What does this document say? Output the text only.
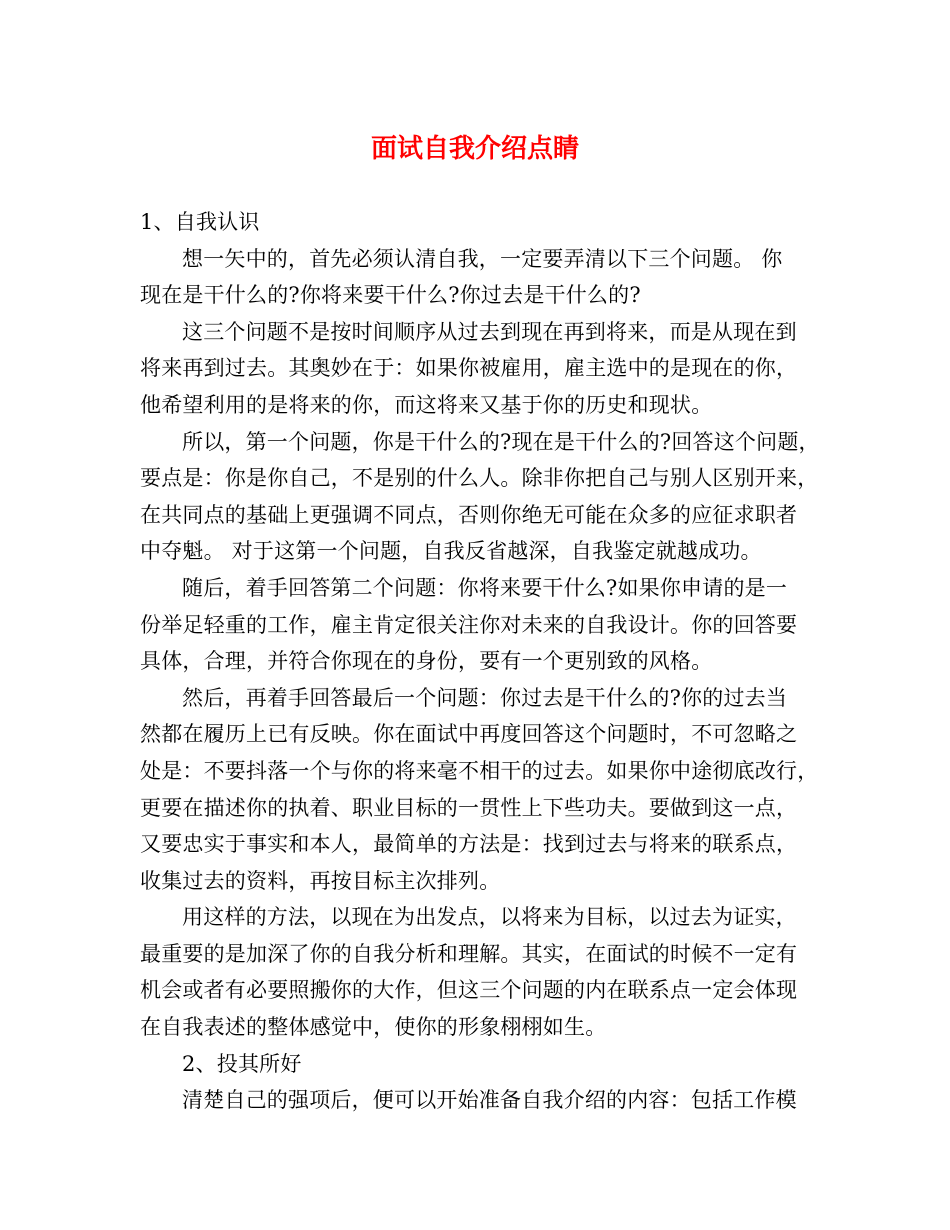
面试自我介绍点睛
1、自我认识
想一矢中的，首先必须认清自我，一定要弄清以下三个问题。 你
现在是干什么的?你将来要干什么?你过去是干什么的?
这三个问题不是按时间顺序从过去到现在再到将来，而是从现在到
将来再到过去。其奥妙在于：如果你被雇用，雇主选中的是现在的你，
他希望利用的是将来的你，而这将来又基于你的历史和现状。
所以，第一个问题，你是干什么的?现在是干什么的?回答这个问题，
要点是：你是你自己，不是别的什么人。除非你把自己与别人区别开来，
在共同点的基础上更强调不同点，否则你绝无可能在众多的应征求职者
中夺魁。 对于这第一个问题，自我反省越深，自我鉴定就越成功。
随后，着手回答第二个问题：你将来要干什么?如果你申请的是一
份举足轻重的工作，雇主肯定很关注你对未来的自我设计。你的回答要
具体，合理，并符合你现在的身份，要有一个更别致的风格。
然后，再着手回答最后一个问题：你过去是干什么的?你的过去当
然都在履历上已有反映。你在面试中再度回答这个问题时，不可忽略之
处是：不要抖落一个与你的将来毫不相干的过去。如果你中途彻底改行，
更要在描述你的执着、职业目标的一贯性上下些功夫。要做到这一点，
又要忠实于事实和本人，最简单的方法是：找到过去与将来的联系点，
收集过去的资料，再按目标主次排列。
用这样的方法，以现在为出发点，以将来为目标，以过去为证实，
最重要的是加深了你的自我分析和理解。其实，在面试的时候不一定有
机会或者有必要照搬你的大作，但这三个问题的内在联系点一定会体现
在自我表述的整体感觉中，使你的形象栩栩如生。
2、投其所好
清楚自己的强项后，便可以开始准备自我介绍的内容：包括工作模
